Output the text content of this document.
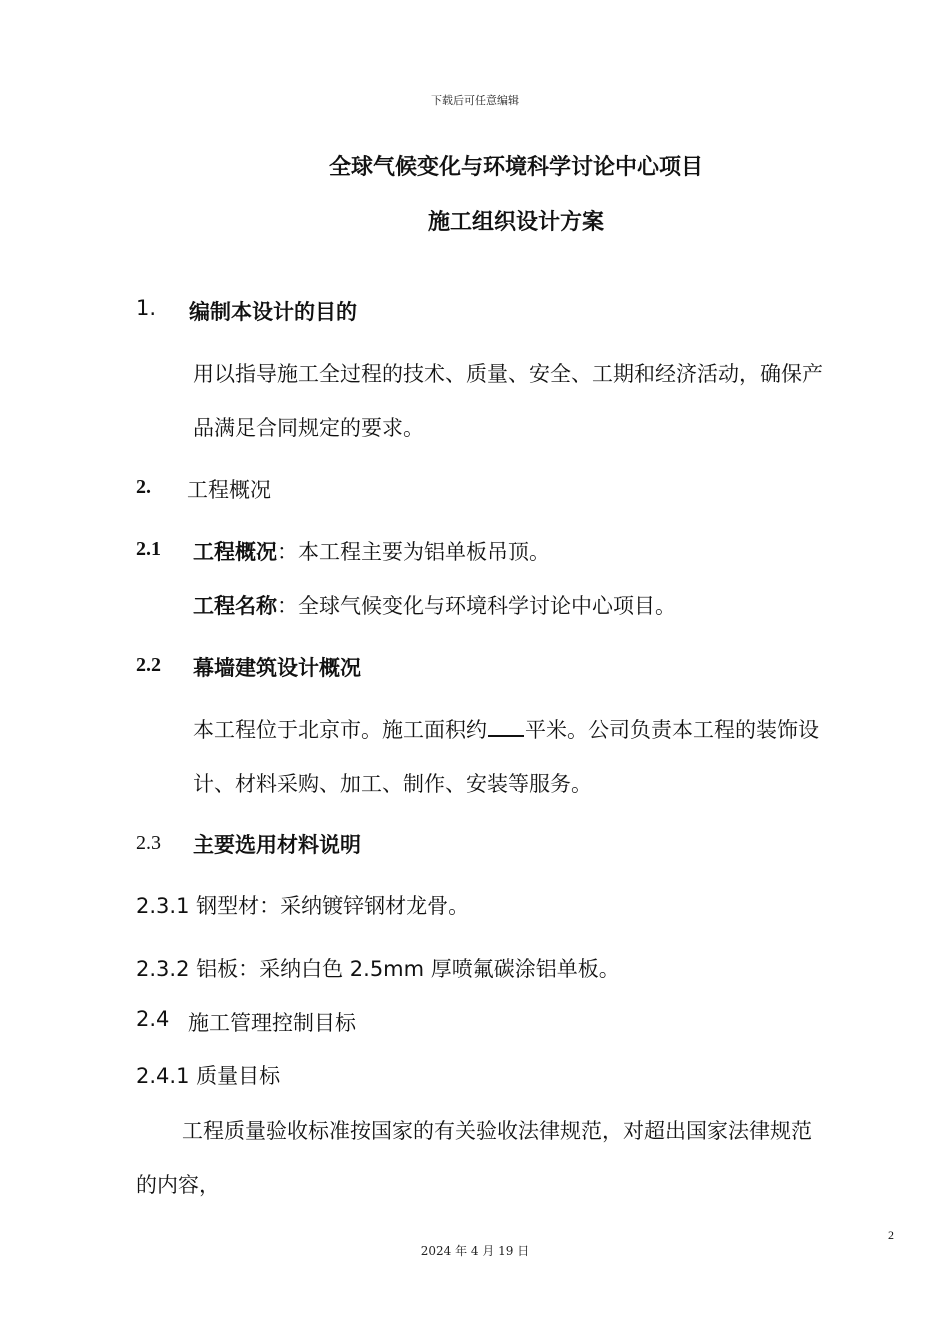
下载后可任意编辑
全球气候变化与环境科学讨论中心项目
施工组织设计方案
1. 编制本设计的目的
用以指导施工全过程的技术、质量、安全、工期和经济活动，确保产
品满足合同规定的要求。
2. 工程概况
2.1 工程概况：本工程主要为铝单板吊顶。
工程名称：全球气候变化与环境科学讨论中心项目。
2.2 幕墙建筑设计概况
本工程位于北京市。施工面积约 平米。公司负责本工程的装饰设
计、材料采购、加工、制作、安装等服务。
2.3 主要选用材料说明
2.3.1 钢型材：采纳镀锌钢材龙骨。
2.3.2 铝板：采纳白色 2.5mm 厚喷氟碳涂铝单板。
2.4 施工管理控制目标
2.4.1 质量目标
工程质量验收标准按国家的有关验收法律规范，对超出国家法律规范
的内容，
2
2024 年 4 月 19 日
